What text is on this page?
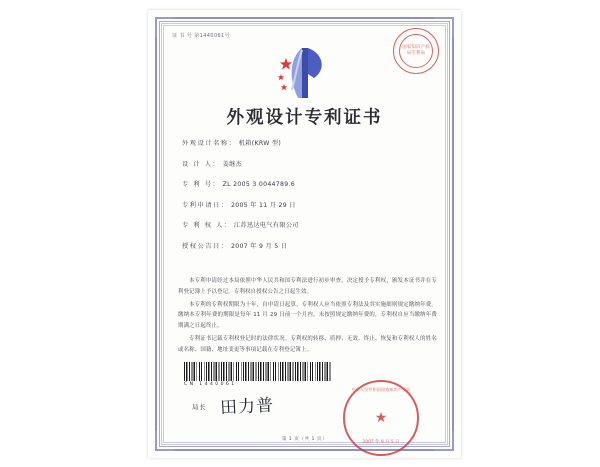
证 书 号 第1440061号
国家知识产权局专利局
外观设计专利证书
外观设计名称： 机箱(KRW 型)
设 计 人： 姜继杰
专 利 号： ZL 2005 3 0044789.6
专利申请日： 2005 年 11 月 29 日
专 利 权 人： 江苏迅达电气有限公司
授权公告日： 2007 年 9 月 5 日

本专利申请经过本局依照中华人民共和国专利法进行初步审查，决定授予专利权，颁发本证书并在专利登记簿上予以登记。专利权自授权公告之日起生效。

本专利的专利权期限为十年，自申请日起算。专利权人应当依照专利法及其实施细则规定缴纳年费。缴纳本专利年费的期限是每年 11 月 29 日前一个月内。未按照规定缴纳年费的，专利权自应当缴纳年费期满之日起终止。

专利证书记载专利权登记时的法律状况。专利权的转移、质押、无效、终止、恢复和专利权人的姓名或名称、国籍、地址变更等事项记载在专利登记簿上。

CN 1440061
局长 田力普	★
中华人民共和国国家知识产权局
2007 年 9 月 5 日
第 1 页（共 1 页）
